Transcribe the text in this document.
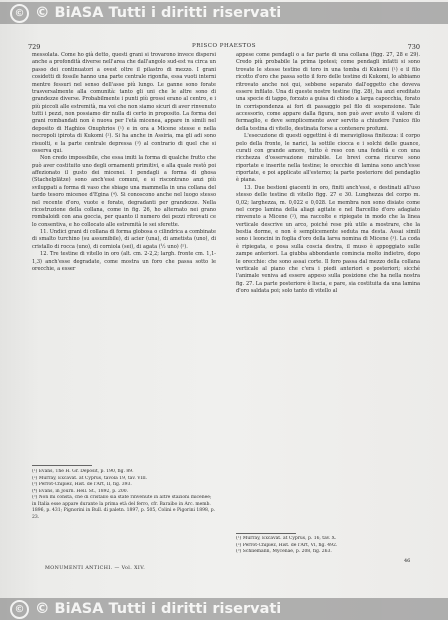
© © BiASA Tutti i diritti riservati
729	PRISCO PHAESTOS	730

messolata. Come ho già detto, questi grani si trovarono invece dispersi anche a profondità diverse nell'area che dall'angolo sud-est va circa un passo dei continuatori a ovest oltre il pilastro di mezzo. I grani cosidetti di fossile hanno una parte centrale rigonfia, essa vuoti interni mentre fessuri nel senso dell'asse più lungo. Le ganne sono forate trasversalmente alla comunità: tanto gli uni che le altre sono di grandezze diverse. Probabilmente i punti più grossi erano al centro, e i più piccoli alle estremità, ma voi che non siamo sicuri di aver rinvenuto tutti i pezzi, non possiamo dir nulla di certo in proposito. La forma dei grani rombandati non è nuova per l'età micenea, appare in simili nel deposito di Haghios Onuphrios (¹) e in ora a Micene stesse e nella necropoli ipirota di Kukomi (²). Si ha anche in Assiria, ma gli adi sono risuolti, e la parte centrale depressa (³) al contrario di quel che si osserva qui.

Non credo impossibile, che essa imiti la forma di qualche frutto che può aver costituito uno degli ornamenti primitivi, e alla quale restò poi affezionato il gusto dei micenei. I pendagli a forma di ghosa (Stachelplätze) sono anch'essi comuni, e si riscontrano anzi più sviluppati a forma di vaso che sbiage una mammella in una collana del tardo tesoro micenee d'Egina (⁴). Si conoscono anche nel luogo stesso nel recente d'oro, vuote e forate, degradanti per grandezze. Nella ricostruzione della collana, come in fig. 26, ho alternato nei grano rombaloidi con ana goccia, per quanto il numero dei pezzi ritrovati ce lo consentiva, e ho collocato alle estremità le sei sferette.

11. Undici grani di collana di forma globosa o cilindrica a combinate di smalto turchino (su assumibile), di acier (una), di ametista (uno), di cristallo di rocca (uno), di corniola (sei), di agata (½ uno) (⁵).

12. Tre testine di vitello in oro (alt. cm. 2-2,2; largh. fronte cm. 1,1-1,3) anch'esse degradate, come mostra un foro che passa sotto le orecchie, a esser

(¹) Evans, The H. Gr. Deposit, p. 190, fig. 89.
(²) Murray, Excavat. at Cyprus, tavola 19, tav. VIII.
(³) Perrot-Chipiez, Hist. de l'Art, II, fig. 393.
(⁴) Evans, in Journ. Hell. St., 1892, p. 200.
(⁵) Non mi consta, che di cristallo sia state rinvenute in altre stazioni micenee; in Italia esse appare durante la prima età del ferro, cfr. Baraibo in Arc. memb. 1896, p. 431; Pignorini in Bull. di paletn. 1897, p. 505, Colini e Pigorini 1898, p. 23.
MONUMENTI ANTICHI. — Vol. XIV.

appese come pendagli o a far parte di una collana (figg. 27, 28 e 29). Credo più probabile la prima ipotesi; come pendagli infatti si sono trovate le stesse testine di toro in una tomba di Kukomi (¹) e il filo ricotto d'oro che passa sotto il foro delle testine di Kukomi, lo abbiamo ritrovato anche noi qui, sebbene separato dall'oggetto che doveva essere infilato. Una di queste nostre testine (fig. 28), ha anzi ereditato una specie di tappo, forzato a guisa di chiodo a larga capocchia, forato in corrispondenza ai fori di passaggio pel filo di sospensione. Tale accessorio, come appare dalla figura, non può aver avuto il valore di fermaglio, e deve semplicemente aver servito a chiudere l'unico filo della testina di vitello, destinata forse a contenere profumi.

L'esecuzione di questi oggettini è di meravigliosa finitezza: il corpo pelo della fronte, le narici, la sottile ciocca e i solchi delle guance, curati con grande amore, tutto è reso con una fedeltà e con una ricchezza d'osservazione mirabile. Le brevi corna ricurve sono riportate e inserite nella testine; le orecchie di lamina sono anch'esse riportate, e poi applicate all'esterno; la parte posteriore del pendaglio è piana.

13. Due bestioni giacenti in oro, finiti anch'essi, e destinati all'uso stesso delle testine di vitello figg. 27 e 30. Lunghezza del corpo m. 0,02; larghezza, m. 0,022 e 0,028. Le membra non sono disiate come nel corpo lamina della aliagi agitate e nel Barcellio d'oro adagiato rinvenuto a Micene (²), ma raccolte e ripiegate in modo che la linea verticale descrive un arco, poiché rese più utile a mostrare, che la bestia dorme, e non è semplicemente seduta ma desta. Assai simili sono i leoncini in foglia d'oro della larva nomina di Micene (³). La coda è ripiegata, e posa sulla coscia destra, il muso è appoggiato sulle zampe anteriori. La giubba abbondante comincia molto indietro, dopo le orecchie: che sono assai corte. Il foro passa dal mezzo della collana verticale al piano che c'era i piedi anteriori e posteriori; sicché l'animale veniva ad essere appeso sulla posizione che ha nella nostra fig. 27. La parte posteriore è liscia, e pare, sia costituita da una lamina d'oro saldata poi; solo tanto di vitello al

(¹) Murray, Excavat. at Cyprus, p. 16, tav. X.
(²) Perrot-Chipiez, Hist. de l'Art, VI, fig. 492.
(³) Schliemann, Mycenae, p. 208, fig. 263.
46
© © BiASA Tutti i diritti riservati
